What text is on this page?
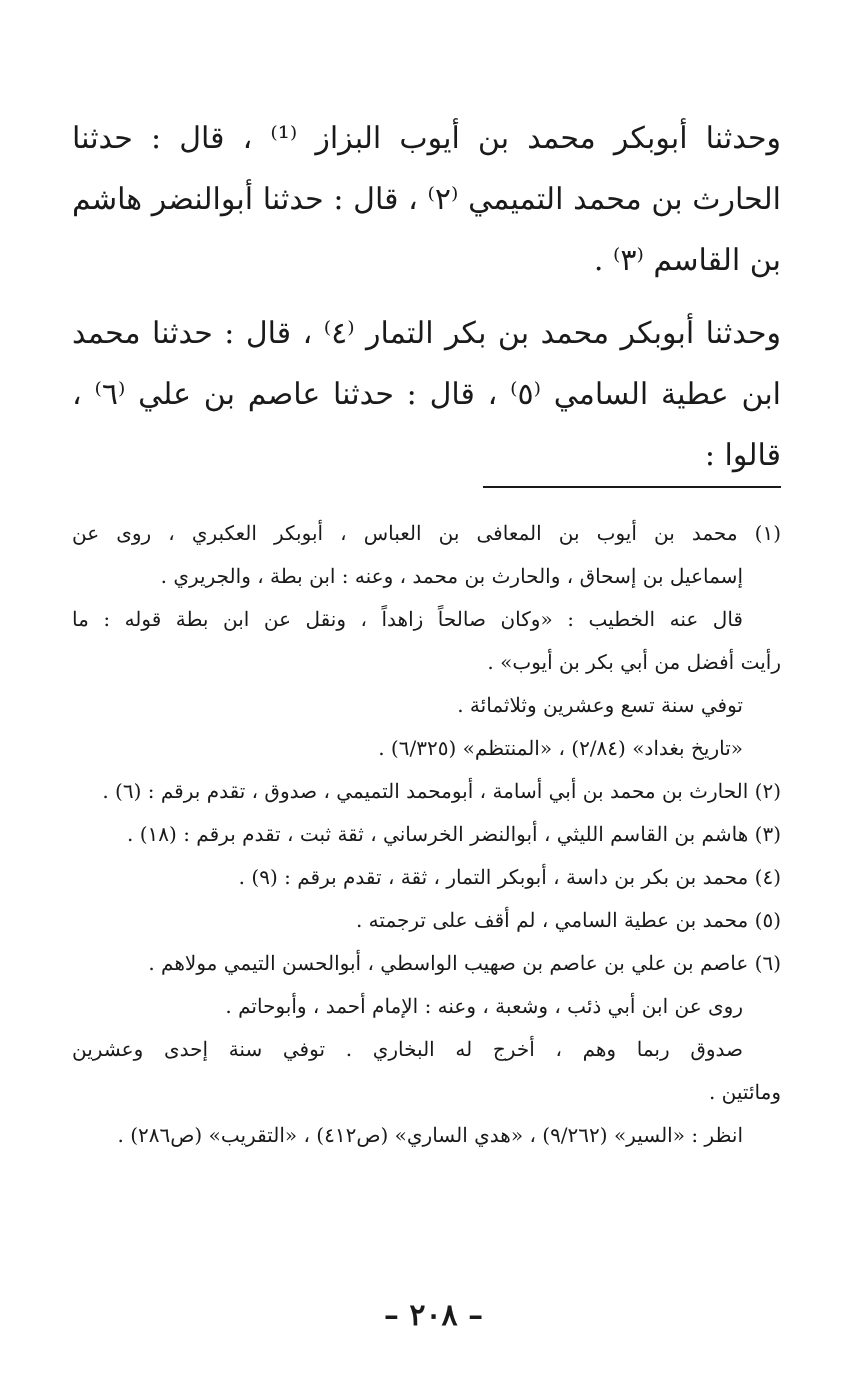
وحدثنا أبوبكر محمد بن أيوب البزاز ⁽¹⁾ ، قال : حدثنا الحارث بن محمد التميمي ⁽٢⁾ ، قال : حدثنا أبوالنضر هاشم بن القاسم ⁽٣⁾ .

وحدثنا أبوبكر محمد بن بكر التمار ⁽٤⁾ ، قال : حدثنا محمد ابن عطية السامي ⁽٥⁾ ، قال : حدثنا عاصم بن علي ⁽٦⁾ ، قالوا :

(١) محمد بن أيوب بن المعافى بن العباس ، أبوبكر العكبري ، روى عن
إسماعيل بن إسحاق ، والحارث بن محمد ، وعنه : ابن بطة ، والجريري .
قال عنه الخطيب : «وكان صالحاً زاهداً ، ونقل عن ابن بطة قوله : ما
رأيت أفضل من أبي بكر بن أيوب» .
توفي سنة تسع وعشرين وثلاثمائة .
«تاريخ بغداد» (٢/٨٤) ، «المنتظم» (٦/٣٢٥) .
(٢) الحارث بن محمد بن أبي أسامة ، أبومحمد التميمي ، صدوق ، تقدم برقم : (٦) .
(٣) هاشم بن القاسم الليثي ، أبوالنضر الخرساني ، ثقة ثبت ، تقدم برقم : (١٨) .
(٤) محمد بن بكر بن داسة ، أبوبكر التمار ، ثقة ، تقدم برقم : (٩) .
(٥) محمد بن عطية السامي ، لم أقف على ترجمته .
(٦) عاصم بن علي بن عاصم بن صهيب الواسطي ، أبوالحسن التيمي مولاهم .
روى عن ابن أبي ذئب ، وشعبة ، وعنه : الإمام أحمد ، وأبوحاتم .
صدوق ربما وهم ، أخرج له البخاري . توفي سنة إحدى وعشرين
ومائتين .
انظر : «السير» (٩/٢٦٢) ، «هدي الساري» (ص٤١٢) ، «التقريب» (ص٢٨٦) .
– ٢٠٨ –
